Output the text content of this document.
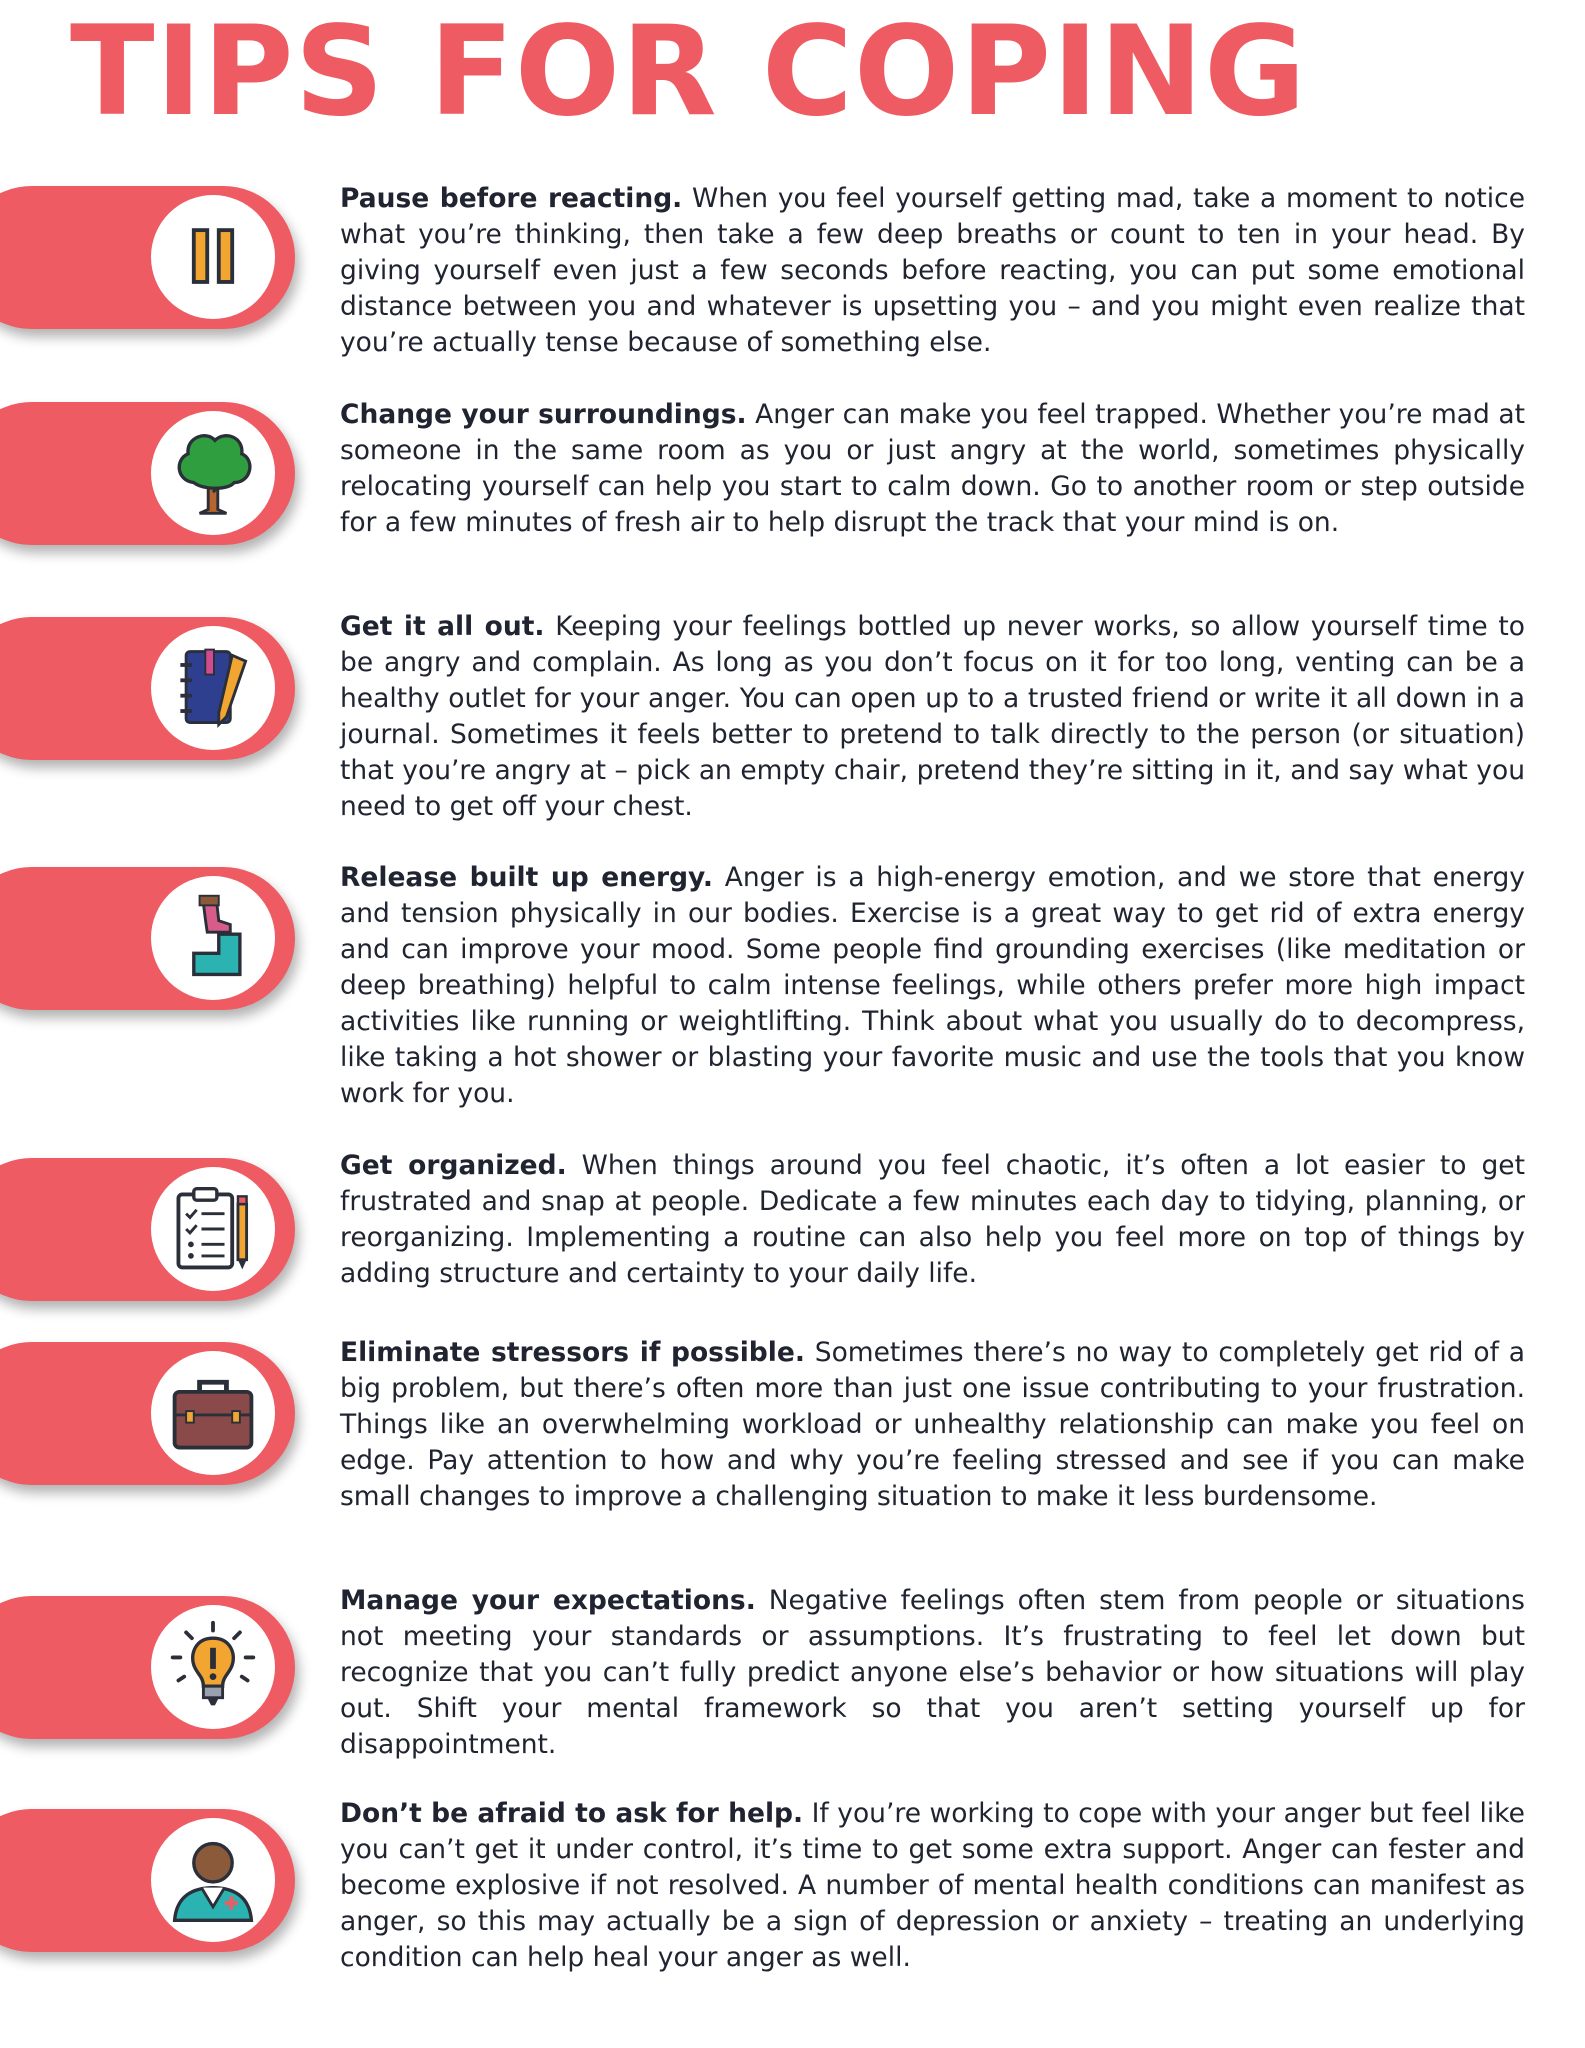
TIPS FOR COPING

Pause before reacting. When you feel yourself getting mad, take a moment to notice what you’re thinking, then take a few deep breaths or count to ten in your head. By giving yourself even just a few seconds before reacting, you can put some emotional distance between you and whatever is upsetting you – and you might even realize that you’re actually tense because of something else.

Change your surroundings. Anger can make you feel trapped. Whether you’re mad at someone in the same room as you or just angry at the world, sometimes physically relocating yourself can help you start to calm down. Go to another room or step outside for a few minutes of fresh air to help disrupt the track that your mind is on.

Get it all out. Keeping your feelings bottled up never works, so allow yourself time to be angry and complain. As long as you don’t focus on it for too long, venting can be a healthy outlet for your anger. You can open up to a trusted friend or write it all down in a journal. Sometimes it feels better to pretend to talk directly to the person (or situation) that you’re angry at – pick an empty chair, pretend they’re sitting in it, and say what you need to get off your chest.

Release built up energy. Anger is a high-energy emotion, and we store that energy and tension physically in our bodies. Exercise is a great way to get rid of extra energy and can improve your mood. Some people find grounding exercises (like meditation or deep breathing) helpful to calm intense feelings, while others prefer more high impact activities like running or weightlifting. Think about what you usually do to decompress, like taking a hot shower or blasting your favorite music and use the tools that you know work for you.

Get organized. When things around you feel chaotic, it’s often a lot easier to get frustrated and snap at people. Dedicate a few minutes each day to tidying, planning, or reorganizing. Implementing a routine can also help you feel more on top of things by adding structure and certainty to your daily life.

Eliminate stressors if possible. Sometimes there’s no way to completely get rid of a big problem, but there’s often more than just one issue contributing to your frustration. Things like an overwhelming workload or unhealthy relationship can make you feel on edge. Pay attention to how and why you’re feeling stressed and see if you can make small changes to improve a challenging situation to make it less burdensome.

Manage your expectations. Negative feelings often stem from people or situations not meeting your standards or assumptions. It’s frustrating to feel let down but recognize that you can’t fully predict anyone else’s behavior or how situations will play out. Shift your mental framework so that you aren’t setting yourself up for disappointment.

Don’t be afraid to ask for help. If you’re working to cope with your anger but feel like you can’t get it under control, it’s time to get some extra support. Anger can fester and become explosive if not resolved. A number of mental health conditions can manifest as anger, so this may actually be a sign of depression or anxiety – treating an underlying condition can help heal your anger as well.
